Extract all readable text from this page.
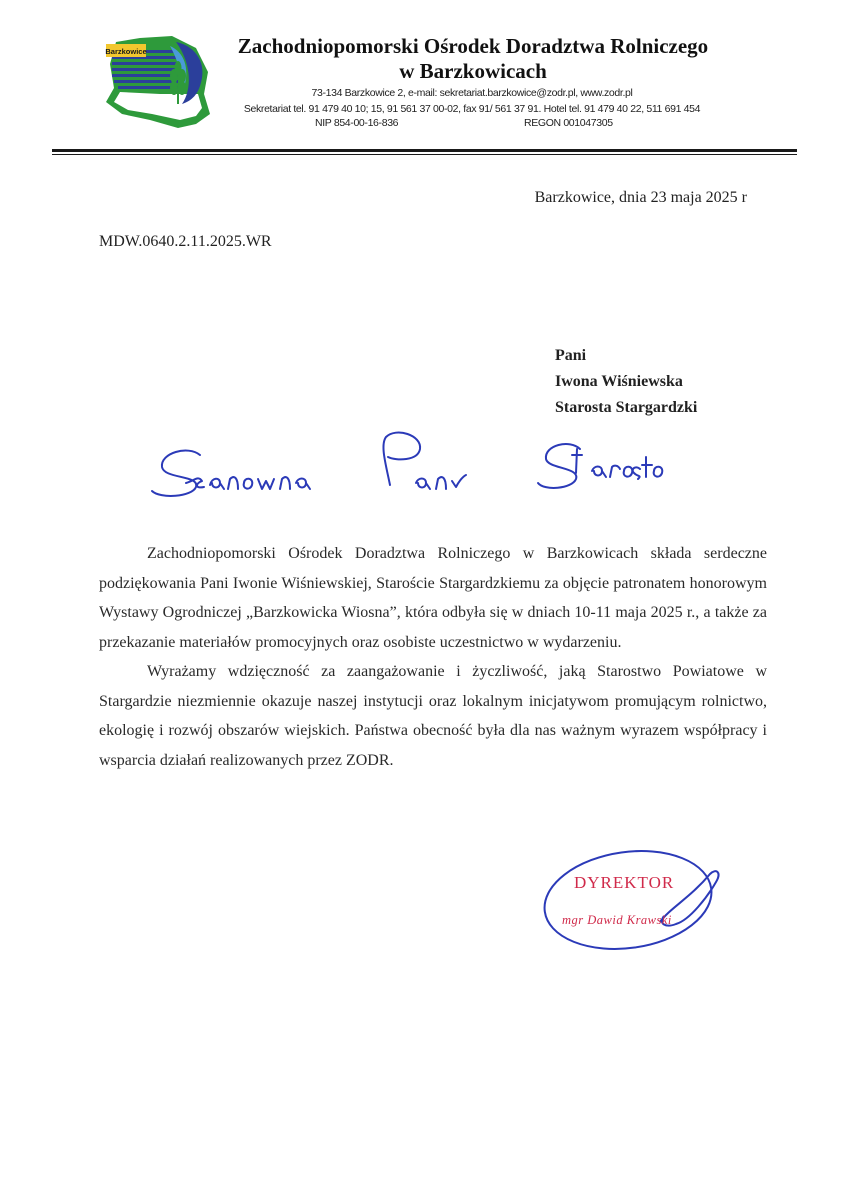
Barzkowice	Zachodniopomorski Ośrodek Doradztwa Rolniczego
w Barzkowicach
73-134 Barzkowice 2, e-mail: sekretariat.barzkowice@zodr.pl, www.zodr.pl
Sekretariat tel. 91 479 40 10; 15, 91 561 37 00-02, fax 91/ 561 37 91. Hotel tel. 91 479 40 22, 511 691 454
NIP 854-00-16-836	REGON 001047305
Barzkowice, dnia 23 maja 2025 r
MDW.0640.2.11.2025.WR
Pani
Iwona Wiśniewska
Starosta Stargardzki

Zachodniopomorski Ośrodek Doradztwa Rolniczego w Barzkowicach składa serdeczne podziękowania Pani Iwonie Wiśniewskiej, Staroście Stargardzkiemu za objęcie patronatem honorowym Wystawy Ogrodniczej „Barzkowicka Wiosna”, która odbyła się w dniach 10-11 maja 2025 r., a także za przekazanie materiałów promocyjnych oraz osobiste uczestnictwo w wydarzeniu.

Wyrażamy wdzięczność za zaangażowanie i życzliwość, jaką Starostwo Powiatowe w Stargardzie niezmiennie okazuje naszej instytucji oraz lokalnym inicjatywom promującym rolnictwo, ekologię i rozwój obszarów wiejskich. Państwa obecność była dla nas ważnym wyrazem współpracy i wsparcia działań realizowanych przez ZODR.

DYREKTOR
mgr Dawid Krawski
